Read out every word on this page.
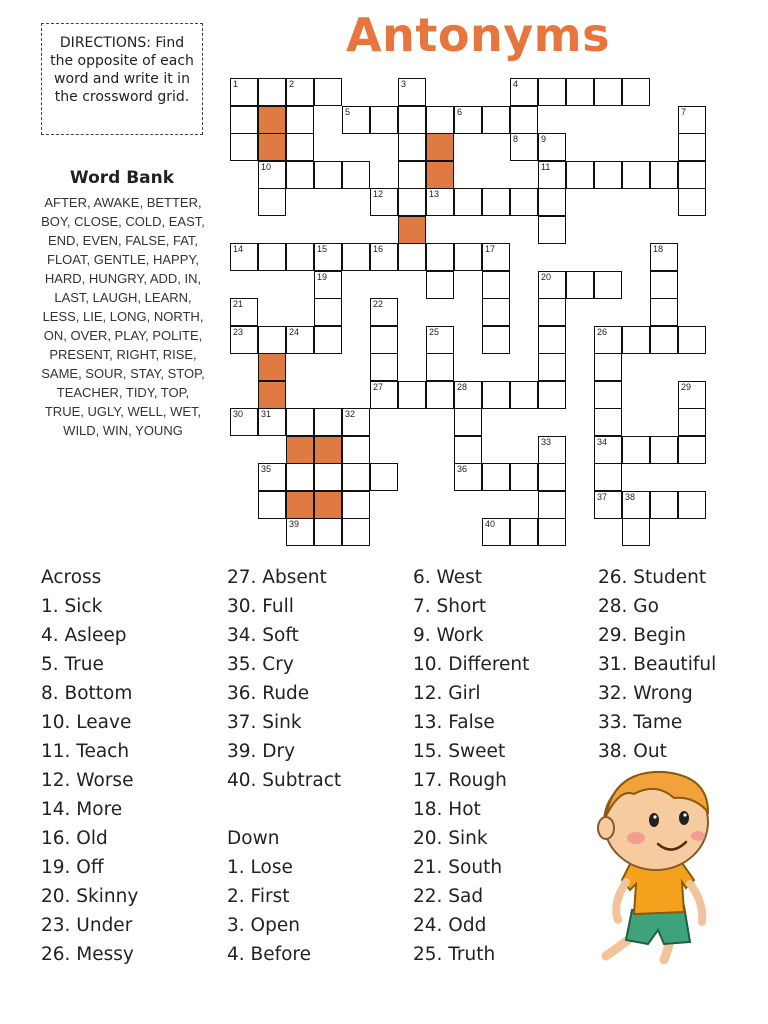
Antonyms
DIRECTIONS: Find the opposite of each word and write it in the crossword grid.
Word Bank
AFTER, AWAKE, BETTER, BOY, CLOSE, COLD, EAST, END, EVEN, FALSE, FAT, FLOAT, GENTLE, HAPPY, HARD, HUNGRY, ADD, IN, LAST, LAUGH, LEARN, LESS, LIE, LONG, NORTH, ON, OVER, PLAY, POLITE, PRESENT, RIGHT, RISE, SAME, SOUR, STAY, STOP, TEACHER, TIDY, TOP, TRUE, UGLY, WELL, WET, WILD, WIN, YOUNG
1	2	3	4
5	6	7
8	9
10	11
12	13
14	15	16	17	18
19	20
21	22
23	24	25	26
27	28	29
30 31	32
33	34
35	36
37 38
39	40
Across
1. Sick
4. Asleep
5. True
8. Bottom
10. Leave
11. Teach
12. Worse
14. More
16. Old
19. Off
20. Skinny
23. Under
26. Messy
27. Absent
30. Full
34. Soft
35. Cry
36. Rude
37. Sink
39. Dry
40. Subtract
Down
1. Lose
2. First
3. Open
4. Before
6. West
7. Short
9. Work
10. Different
12. Girl
13. False
15. Sweet
17. Rough
18. Hot
20. Sink
21. South
22. Sad
24. Odd
25. Truth
26. Student
28. Go
29. Begin
31. Beautiful
32. Wrong
33. Tame
38. Out
